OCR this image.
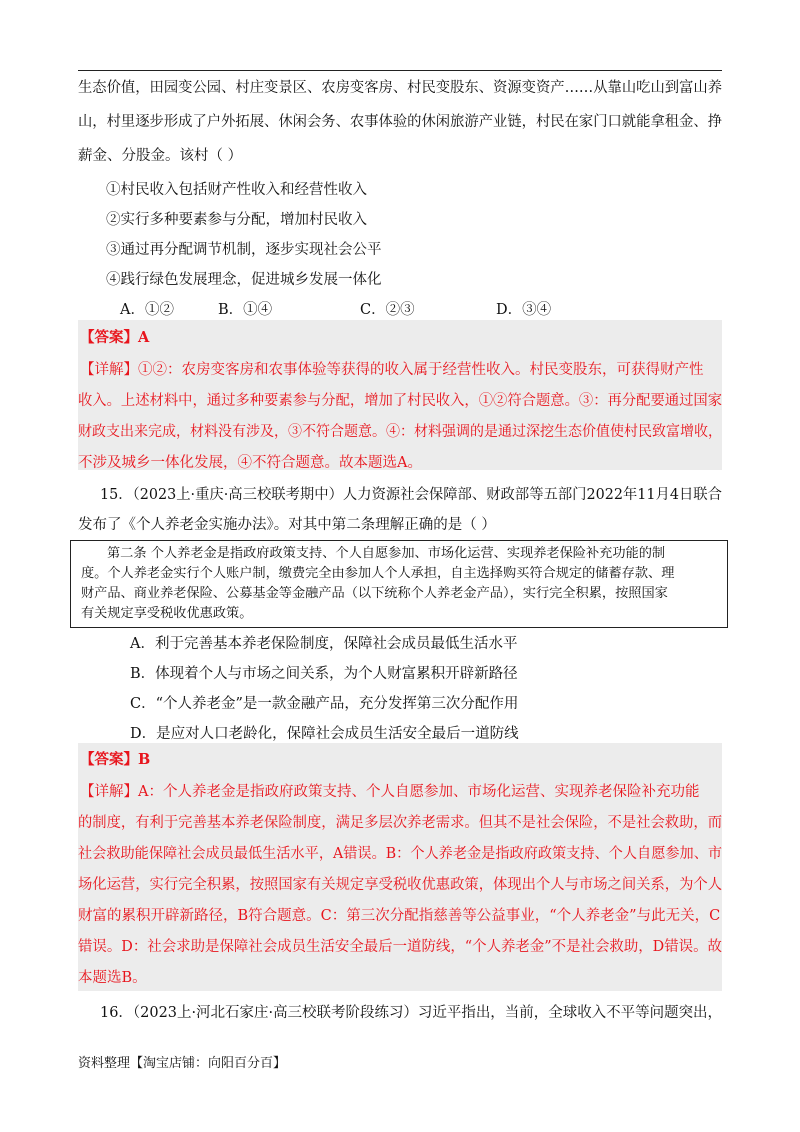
生态价值，田园变公园、村庄变景区、农房变客房、村民变股东、资源变资产……从靠山吃山到富山养
山，村里逐步形成了户外拓展、休闲会务、农事体验的休闲旅游产业链，村民在家门口就能拿租金、挣
薪金、分股金。该村（ ）
①村民收入包括财产性收入和经营性收入
②实行多种要素参与分配，增加村民收入
③通过再分配调节机制，逐步实现社会公平
④践行绿色发展理念，促进城乡发展一体化
A．①②	B．①④	C．②③	D．③④
【答案】A
【详解】①②：农房变客房和农事体验等获得的收入属于经营性收入。村民变股东，可获得财产性
收入。上述材料中，通过多种要素参与分配，增加了村民收入，①②符合题意。③：再分配要通过国家
财政支出来完成，材料没有涉及，③不符合题意。④：材料强调的是通过深挖生态价值使村民致富增收，
不涉及城乡一体化发展，④不符合题意。故本题选A。
15．（2023上·重庆·高三校联考期中）人力资源社会保障部、财政部等五部门2022年11月4日联合
发布了《个人养老金实施办法》。对其中第二条理解正确的是（ ）
第二条 个人养老金是指政府政策支持、个人自愿参加、市场化运营、实现养老保险补充功能的制
度。个人养老金实行个人账户制，缴费完全由参加人个人承担，自主选择购买符合规定的储蓄存款、理
财产品、商业养老保险、公募基金等金融产品（以下统称个人养老金产品），实行完全积累，按照国家
有关规定享受税收优惠政策。
A．利于完善基本养老保险制度，保障社会成员最低生活水平
B．体现着个人与市场之间关系，为个人财富累积开辟新路径
C．“个人养老金”是一款金融产品，充分发挥第三次分配作用
D．是应对人口老龄化，保障社会成员生活安全最后一道防线
【答案】B
【详解】A：个人养老金是指政府政策支持、个人自愿参加、市场化运营、实现养老保险补充功能
的制度，有利于完善基本养老保险制度，满足多层次养老需求。但其不是社会保险，不是社会救助，而
社会救助能保障社会成员最低生活水平，A错误。B：个人养老金是指政府政策支持、个人自愿参加、市
场化运营，实行完全积累，按照国家有关规定享受税收优惠政策，体现出个人与市场之间关系，为个人
财富的累积开辟新路径，B符合题意。C：第三次分配指慈善等公益事业，“个人养老金”与此无关，C
错误。D：社会求助是保障社会成员生活安全最后一道防线，“个人养老金”不是社会救助，D错误。故
本题选B。
16．（2023上·河北石家庄·高三校联考阶段练习）习近平指出，当前，全球收入不平等问题突出，
资料整理【淘宝店铺：向阳百分百】
